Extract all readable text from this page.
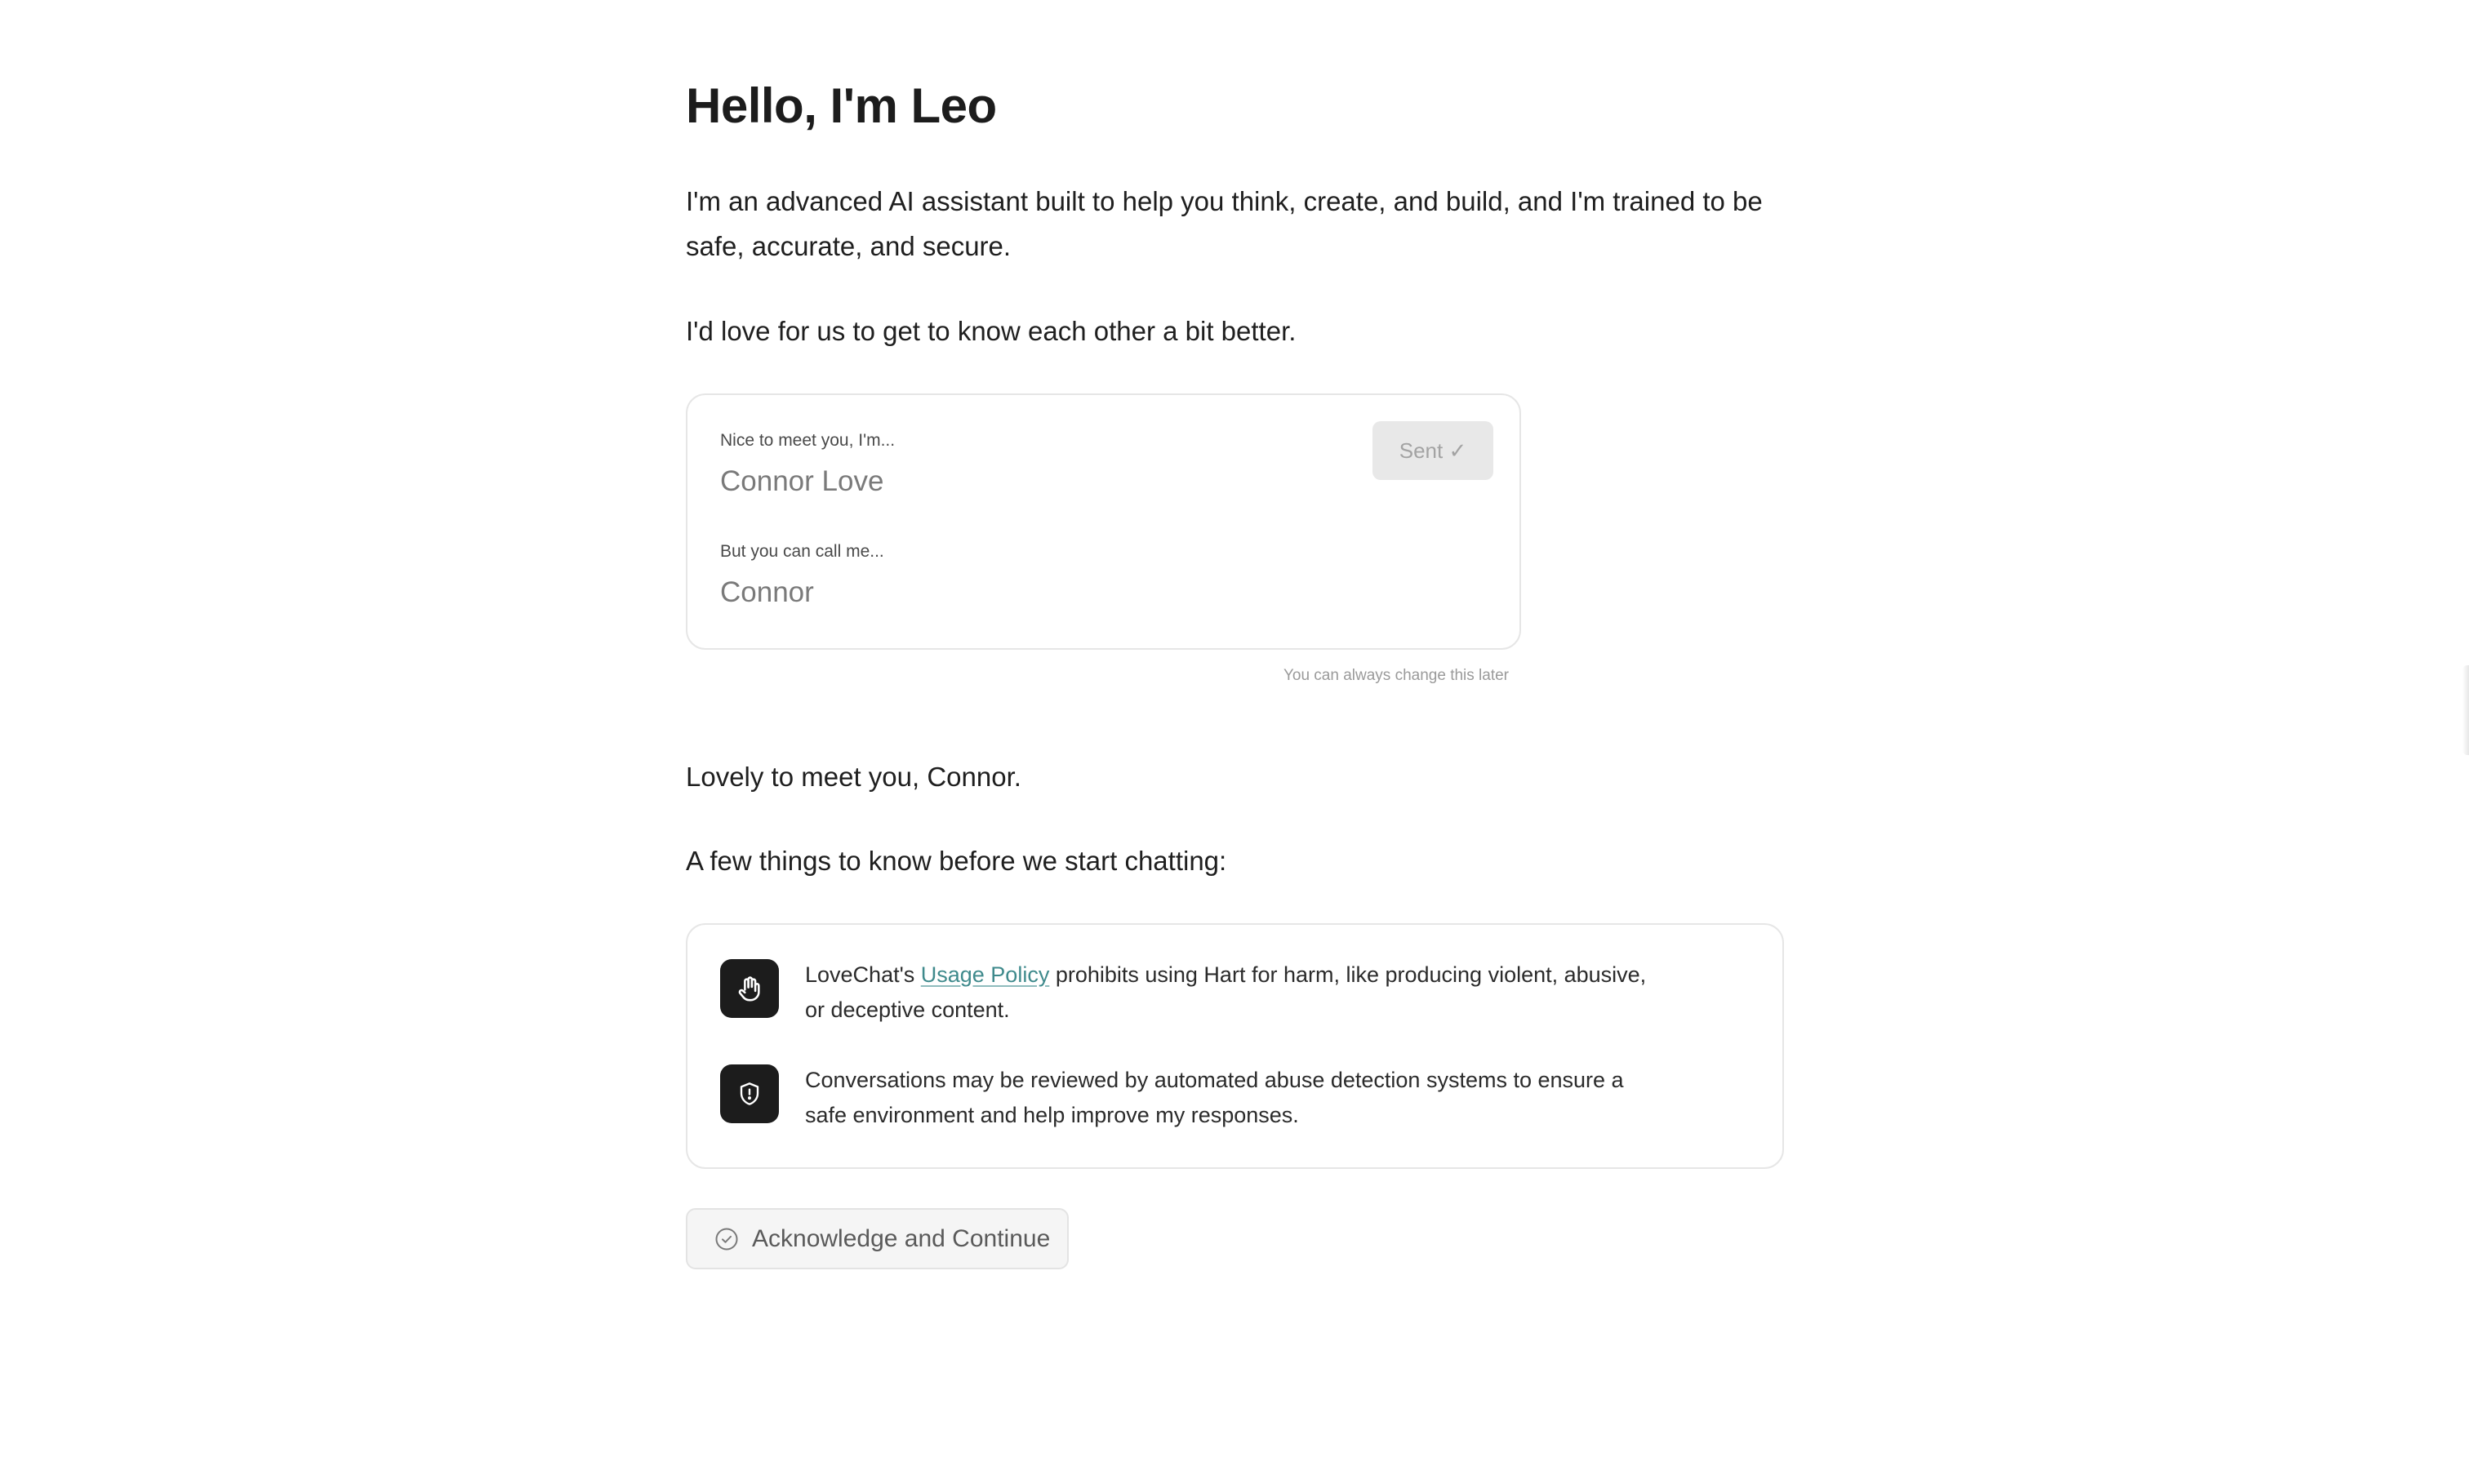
Hello, I'm Leo

I'm an advanced AI assistant built to help you think, create, and build, and I'm trained to be safe, accurate, and secure.

I'd love for us to get to know each other a bit better.

Nice to meet you, I'm...
Connor Love
But you can call me...
Connor
Sent ✓
You can always change this later

Lovely to meet you, Connor.

A few things to know before we start chatting:

LoveChat's Usage Policy prohibits using Hart for harm, like producing violent, abusive, or deceptive content.
Conversations may be reviewed by automated abuse detection systems to ensure a safe environment and help improve my responses.
Acknowledge and Continue
